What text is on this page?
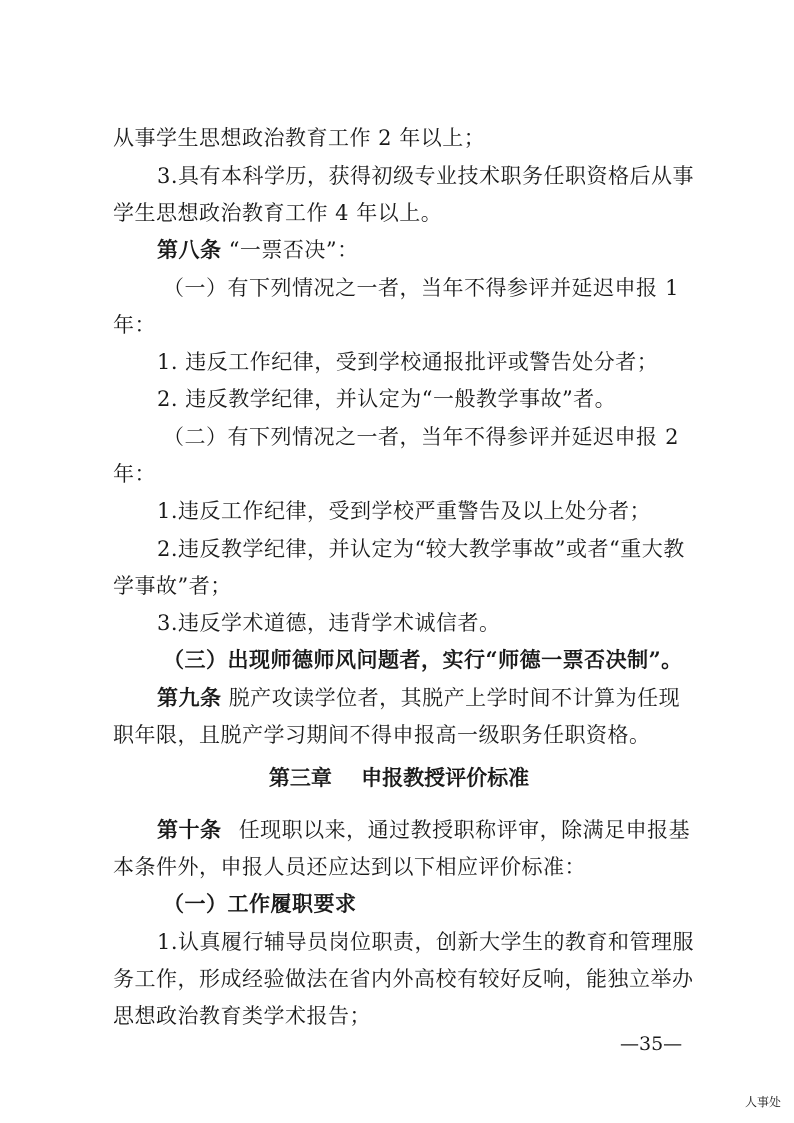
从事学生思想政治教育工作 2 年以上；
3.具有本科学历，获得初级专业技术职务任职资格后从事
学生思想政治教育工作 4 年以上。
第八条 “一票否决”：
（一）有下列情况之一者，当年不得参评并延迟申报 1
年：
1. 违反工作纪律，受到学校通报批评或警告处分者；
2. 违反教学纪律，并认定为“一般教学事故”者。
（二）有下列情况之一者，当年不得参评并延迟申报 2
年：
1.违反工作纪律，受到学校严重警告及以上处分者；
2.违反教学纪律，并认定为“较大教学事故”或者“重大教
学事故”者；
3.违反学术道德，违背学术诚信者。
（三）出现师德师风问题者，实行“师德一票否决制”。
第九条 脱产攻读学位者，其脱产上学时间不计算为任现
职年限，且脱产学习期间不得申报高一级职务任职资格。
第三章 申报教授评价标准
第十条 任现职以来，通过教授职称评审，除满足申报基
本条件外，申报人员还应达到以下相应评价标准：
（一）工作履职要求
1.认真履行辅导员岗位职责，创新大学生的教育和管理服
务工作，形成经验做法在省内外高校有较好反响，能独立举办
思想政治教育类学术报告；
—35—
人事处
